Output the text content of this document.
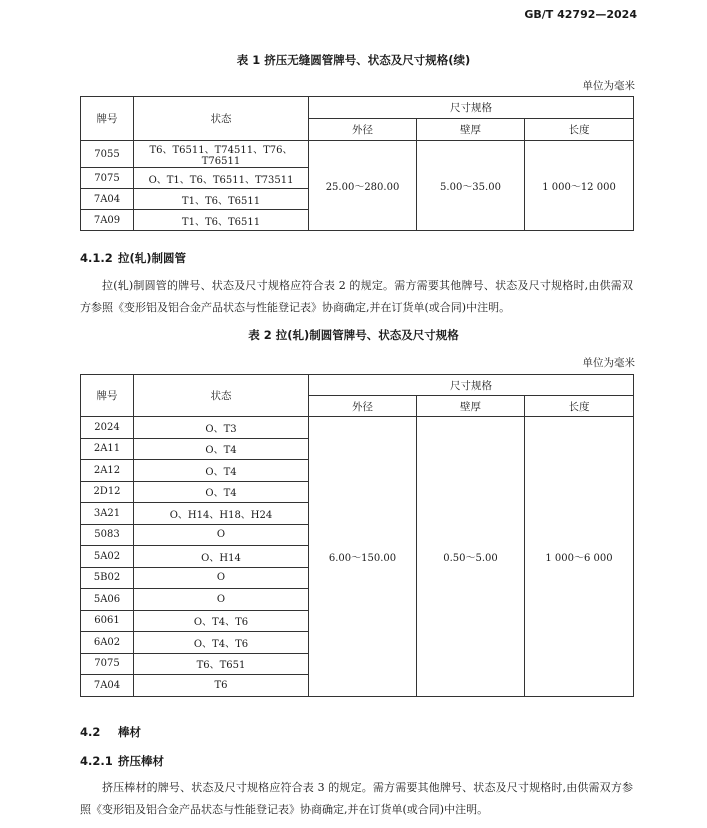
GB/T 42792—2024
表 1 挤压无缝圆管牌号、状态及尺寸规格(续)
单位为毫米
牌号	状态	尺寸规格		
		外径	壁厚	长度
7055	T6、T6511、T74511、T76、T76511	25.00～280.00	5.00～35.00	1 000～12 000
7075	O、T1、T6、T6511、T73511			
7A04	T1、T6、T6511			
7A09	T1、T6、T6511			
4.1.2 拉(轧)制圆管
拉(轧)制圆管的牌号、状态及尺寸规格应符合表 2 的规定。需方需要其他牌号、状态及尺寸规格时,由供需双方参照《变形铝及铝合金产品状态与性能登记表》协商确定,并在订货单(或合同)中注明。
表 2 拉(轧)制圆管牌号、状态及尺寸规格
单位为毫米
牌号	状态	尺寸规格		
		外径	壁厚	长度
2024	O、T3	6.00～150.00	0.50～5.00	1 000～6 000
2A11	O、T4			
2A12	O、T4			
2D12	O、T4			
3A21	O、H14、H18、H24			
5083	O			
5A02	O、H14			
5B02	O			
5A06	O			
6061	O、T4、T6			
6A02	O、T4、T6			
7075	T6、T651			
7A04	T6			
4.2 棒材
4.2.1 挤压棒材
挤压棒材的牌号、状态及尺寸规格应符合表 3 的规定。需方需要其他牌号、状态及尺寸规格时,由供需双方参照《变形铝及铝合金产品状态与性能登记表》协商确定,并在订货单(或合同)中注明。
